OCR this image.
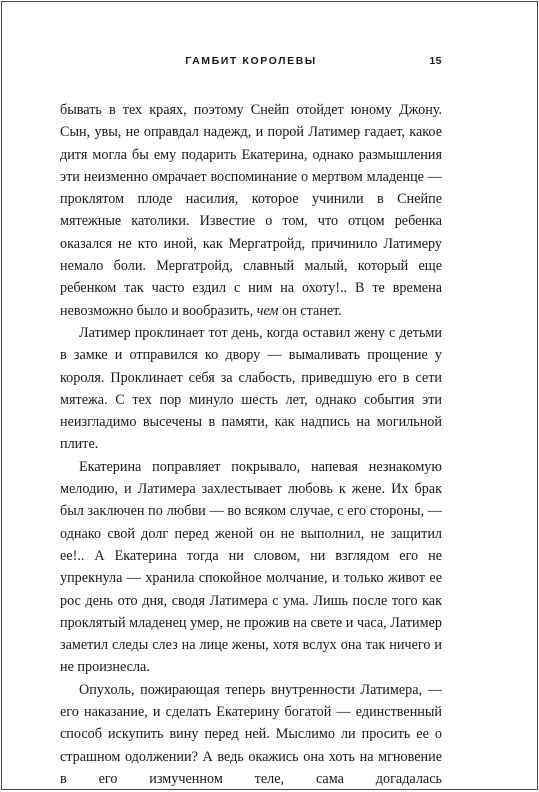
ГАМБИТ КОРОЛЕВЫ	15

бывать в тех краях, поэтому Снейп отойдет юному Джону. Сын, увы, не оправдал надежд, и порой Латимер гадает, какое дитя могла бы ему подарить Екатерина, однако размышления эти неизменно омрачает воспоминание о мертвом младенце — проклятом плоде насилия, которое учинили в Снейпе мятежные католики. Известие о том, что отцом ребенка оказался не кто иной, как Мергатройд, причинило Латимеру немало боли. Мергатройд, славный малый, который еще ребенком так часто ездил с ним на охоту!.. В те времена невозможно было и вообразить, чем он станет.

Латимер проклинает тот день, когда оставил жену с детьми в замке и отправился ко двору — вымаливать прощение у короля. Проклинает себя за слабость, приведшую его в сети мятежа. С тех пор минуло шесть лет, однако события эти неизгладимо высечены в памяти, как надпись на могильной плите.

Екатерина поправляет покрывало, напевая незнакомую мелодию, и Латимера захлестывает любовь к жене. Их брак был заключен по любви — во всяком случае, с его стороны, — однако свой долг перед женой он не выполнил, не защитил ее!.. А Екатерина тогда ни словом, ни взглядом его не упрекнула — хранила спокойное молчание, и только живот ее рос день ото дня, сводя Латимера с ума. Лишь после того как проклятый младенец умер, не прожив на свете и часа, Латимер заметил следы слез на лице жены, хотя вслух она так ничего и не произнесла.

Опухоль, пожирающая теперь внутренности Латимера, — его наказание, и сделать Екатерину богатой — единственный способ искупить вину перед ней. Мыслимо ли просить ее о страшном одолжении? А ведь окажись она хоть на мгновение в его измученном теле, сама догадалась
